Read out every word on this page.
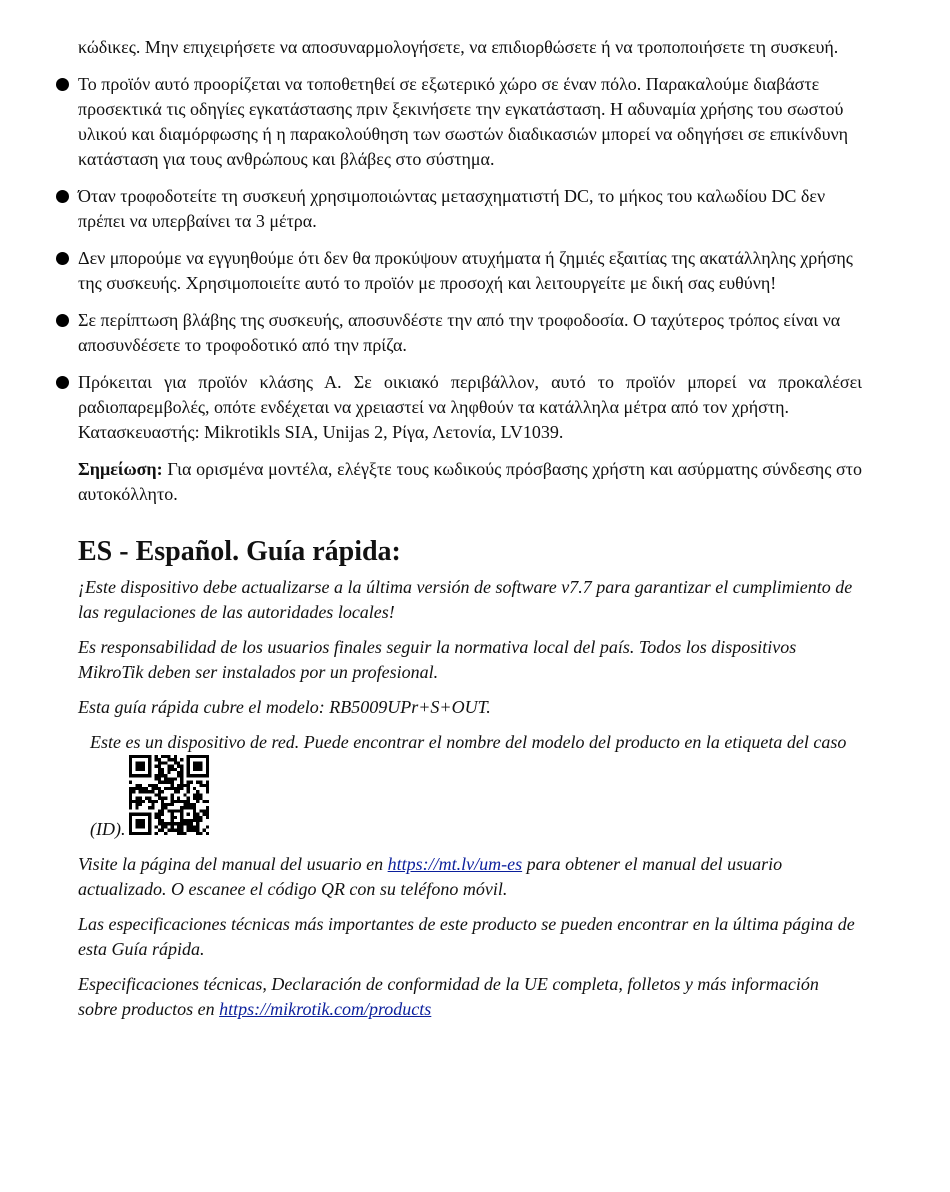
κώδικες. Μην επιχειρήσετε να αποσυναρμολογήσετε, να επιδιορθώσετε ή να τροποποιήσετε τη συσκευή.

Το προϊόν αυτό προορίζεται να τοποθετηθεί σε εξωτερικό χώρο σε έναν πόλο. Παρακαλούμε διαβάστε προσεκτικά τις οδηγίες εγκατάστασης πριν ξεκινήσετε την εγκατάσταση. Η αδυναμία χρήσης του σωστού υλικού και διαμόρφωσης ή η παρακολούθηση των σωστών διαδικασιών μπορεί να οδηγήσει σε επικίνδυνη κατάσταση για τους ανθρώπους και βλάβες στο σύστημα.
Όταν τροφοδοτείτε τη συσκευή χρησιμοποιώντας μετασχηματιστή DC, το μήκος του καλωδίου DC δεν πρέπει να υπερβαίνει τα 3 μέτρα.
Δεν μπορούμε να εγγυηθούμε ότι δεν θα προκύψουν ατυχήματα ή ζημιές εξαιτίας της ακατάλληλης χρήσης της συσκευής. Χρησιμοποιείτε αυτό το προϊόν με προσοχή και λειτουργείτε με δική σας ευθύνη!
Σε περίπτωση βλάβης της συσκευής, αποσυνδέστε την από την τροφοδοσία. Ο ταχύτερος τρόπος είναι να αποσυνδέσετε το τροφοδοτικό από την πρίζα.
Πρόκειται για προϊόν κλάσης Α. Σε οικιακό περιβάλλον, αυτό το προϊόν μπορεί να προκαλέσει ραδιοπαρεμβολές, οπότε ενδέχεται να χρειαστεί να ληφθούν τα κατάλληλα μέτρα από τον χρήστη.
Κατασκευαστής: Mikrotikls SIA, Unijas 2, Ρίγα, Λετονία, LV1039.

Σημείωση: Για ορισμένα μοντέλα, ελέγξτε τους κωδικούς πρόσβασης χρήστη και ασύρματης σύνδεσης στο αυτοκόλλητο.

ES - Español. Guía rápida:

¡Este dispositivo debe actualizarse a la última versión de software v7.7 para garantizar el cumplimiento de las regulaciones de las autoridades locales!

Es responsabilidad de los usuarios finales seguir la normativa local del país. Todos los dispositivos MikroTik deben ser instalados por un profesional.

Esta guía rápida cubre el modelo: RB5009UPr+S+OUT.

Este es un dispositivo de red. Puede encontrar el nombre del modelo del producto en la etiqueta del caso (ID).

Visite la página del manual del usuario en https://mt.lv/um-es para obtener el manual del usuario actualizado. O escanee el código QR con su teléfono móvil.

Las especificaciones técnicas más importantes de este producto se pueden encontrar en la última página de esta Guía rápida.

Especificaciones técnicas, Declaración de conformidad de la UE completa, folletos y más información sobre productos en https://mikrotik.com/products
